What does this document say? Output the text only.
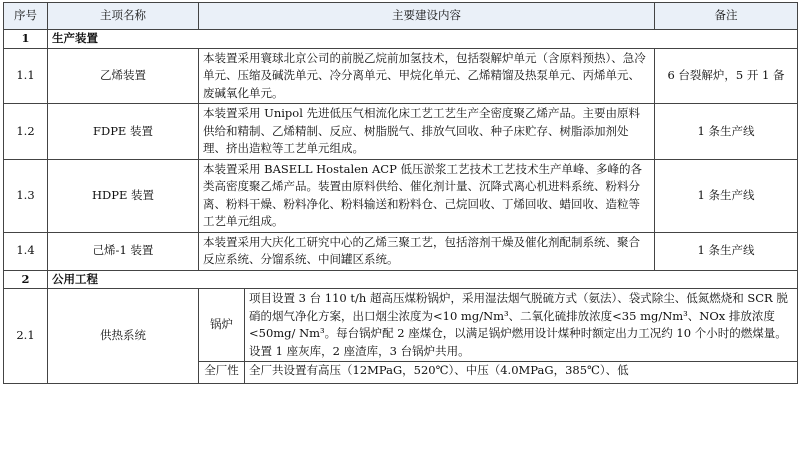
序号	主项名称	主要建设内容		备注
1	生产装置			
1.1	乙烯装置	本装置采用寰球北京公司的前脱乙烷前加氢技术，包括裂解炉单元（含原料预热）、急冷单元、压缩及碱洗单元、冷分离单元、甲烷化单元、乙烯精馏及热泵单元、丙烯单元、废碱氧化单元。		6 台裂解炉，5 开 1 备
1.2	FDPE 装置	本装置采用 Unipol 先进低压气相流化床工艺工艺生产全密度聚乙烯产品。主要由原料供给和精制、乙烯精制、反应、树脂脱气、排放气回收、种子床贮存、树脂添加剂处理、挤出造粒等工艺单元组成。		1 条生产线
1.3	HDPE 装置	本装置采用 BASELL Hostalen ACP 低压淤浆工艺技术工艺技术生产单峰、多峰的各类高密度聚乙烯产品。装置由原料供给、催化剂计量、沉降式离心机进料系统、粉料分离、粉料干燥、粉料净化、粉料输送和粉料仓、己烷回收、丁烯回收、蜡回收、造粒等工艺单元组成。		1 条生产线
1.4	己烯-1 装置	本装置采用大庆化工研究中心的乙烯三聚工艺，包括溶剂干燥及催化剂配制系统、聚合反应系统、分馏系统、中间罐区系统。		1 条生产线
2	公用工程			
2.1	供热系统	锅炉	项目设置 3 台 110 t/h 超高压煤粉锅炉，采用湿法烟气脱硫方式（氨法）、袋式除尘、低氮燃烧和 SCR 脱硝的烟气净化方案，出口烟尘浓度为<10 mg/Nm³、二氧化硫排放浓度<35 mg/Nm³、NOx 排放浓度<50mg/ Nm³。每台锅炉配 2 座煤仓，以满足锅炉燃用设计煤种时额定出力工况约 10 个小时的燃煤量。设置 1 座灰库，2 座渣库，3 台锅炉共用。	
		全厂性	全厂共设置有高压（12MPaG，520℃）、中压（4.0MPaG，385℃）、低	
